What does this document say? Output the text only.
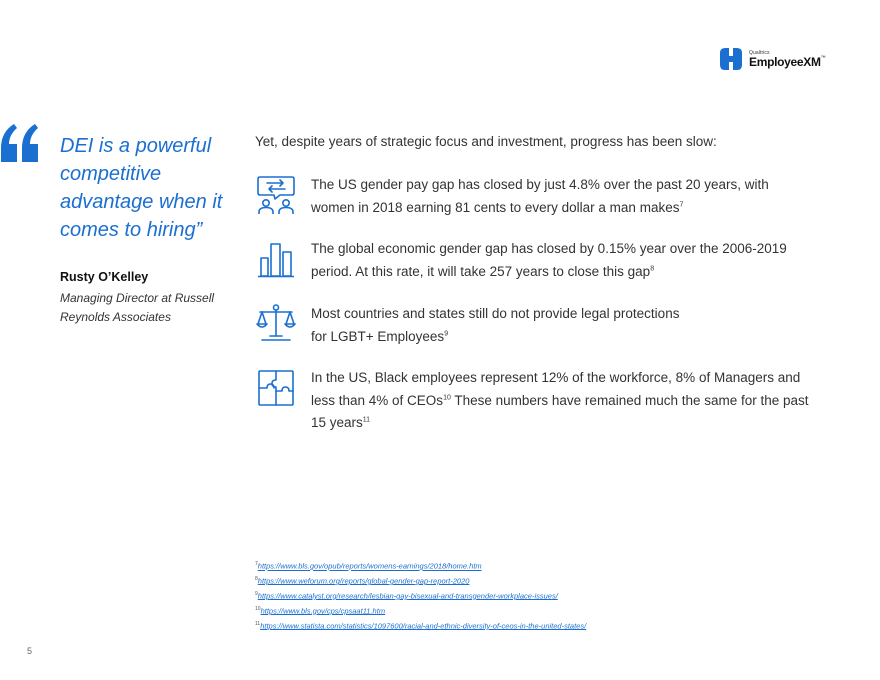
Qualtrics
EmployeeXM™
DEI is a powerful competitive advantage when it comes to hiring”
Rusty O’Kelley
Managing Director at Russell Reynolds Associates
Yet, despite years of strategic focus and investment, progress has been slow:
The US gender pay gap has closed by just 4.8% over the past 20 years, with women in 2018 earning 81 cents to every dollar a man makes$^7$
The global economic gender gap has closed by 0.15% year over the 2006-2019 period. At this rate, it will take 257 years to close this gap$^8$
Most countries and states still do not provide legal protections
for LGBT+ Employees$^9$
In the US, Black employees represent 12% of the workforce, 8% of Managers and less than 4% of CEOs$^{10}$ These numbers have remained much the same for the past 15 years$^{11}$
$^7$https://www.bls.gov/opub/reports/womens-earnings/2018/home.htm
$^8$https://www.weforum.org/reports/global-gender-gap-report-2020
$^9$https://www.catalyst.org/research/lesbian-gay-bisexual-and-transgender-workplace-issues/
$^{10}$https://www.bls.gov/cps/cpsaat11.htm
$^{11}$https://www.statista.com/statistics/1097600/racial-and-ethnic-diversity-of-ceos-in-the-united-states/
5
